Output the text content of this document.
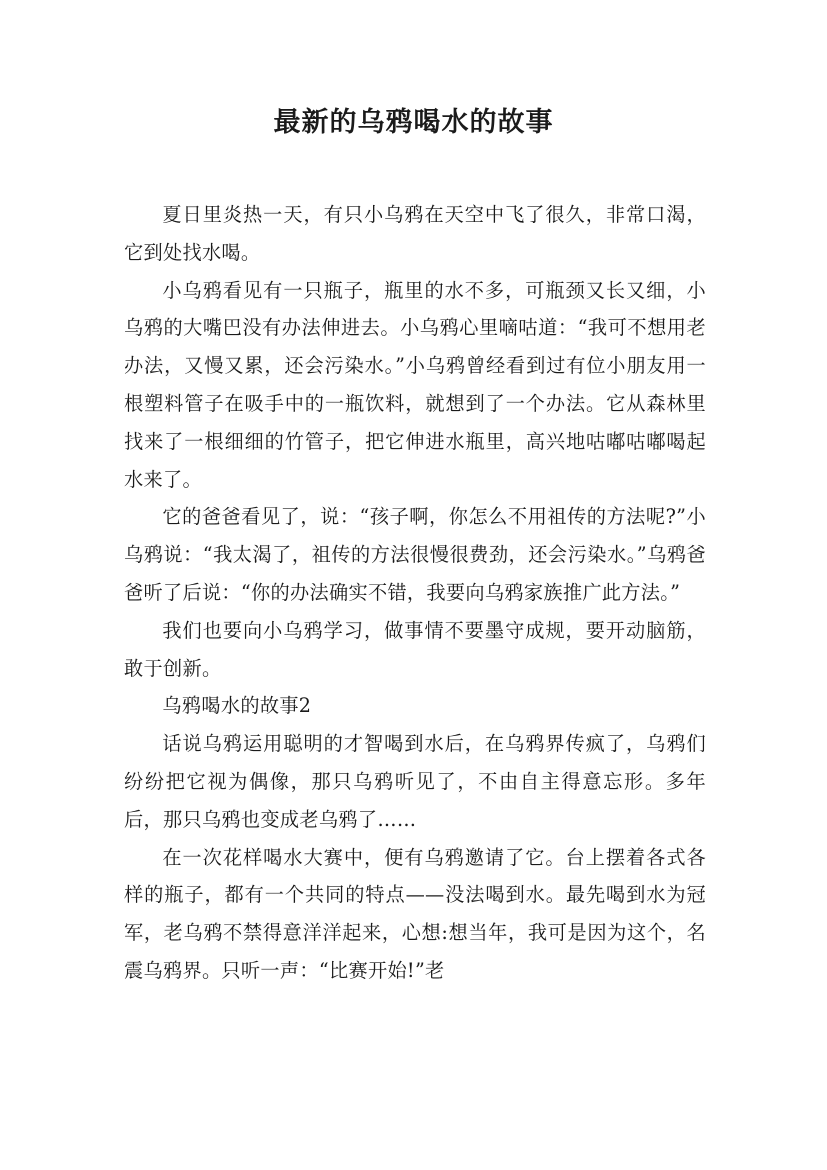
最新的乌鸦喝水的故事

夏日里炎热一天，有只小乌鸦在天空中飞了很久，非常口渴，它到处找水喝。

小乌鸦看见有一只瓶子，瓶里的水不多，可瓶颈又长又细，小乌鸦的大嘴巴没有办法伸进去。小乌鸦心里嘀咕道：“我可不想用老办法，又慢又累，还会污染水。”小乌鸦曾经看到过有位小朋友用一根塑料管子在吸手中的一瓶饮料，就想到了一个办法。它从森林里找来了一根细细的竹管子，把它伸进水瓶里，高兴地咕嘟咕嘟喝起水来了。

它的爸爸看见了，说：“孩子啊，你怎么不用祖传的方法呢?”小乌鸦说：“我太渴了，祖传的方法很慢很费劲，还会污染水。”乌鸦爸爸听了后说：“你的办法确实不错，我要向乌鸦家族推广此方法。”

我们也要向小乌鸦学习，做事情不要墨守成规，要开动脑筋，敢于创新。

乌鸦喝水的故事2

话说乌鸦运用聪明的才智喝到水后，在乌鸦界传疯了，乌鸦们纷纷把它视为偶像，那只乌鸦听见了，不由自主得意忘形。多年后，那只乌鸦也变成老乌鸦了……

在一次花样喝水大赛中，便有乌鸦邀请了它。台上摆着各式各样的瓶子，都有一个共同的特点——没法喝到水。最先喝到水为冠军，老乌鸦不禁得意洋洋起来，心想:想当年，我可是因为这个，名震乌鸦界。只听一声：“比赛开始!”老
